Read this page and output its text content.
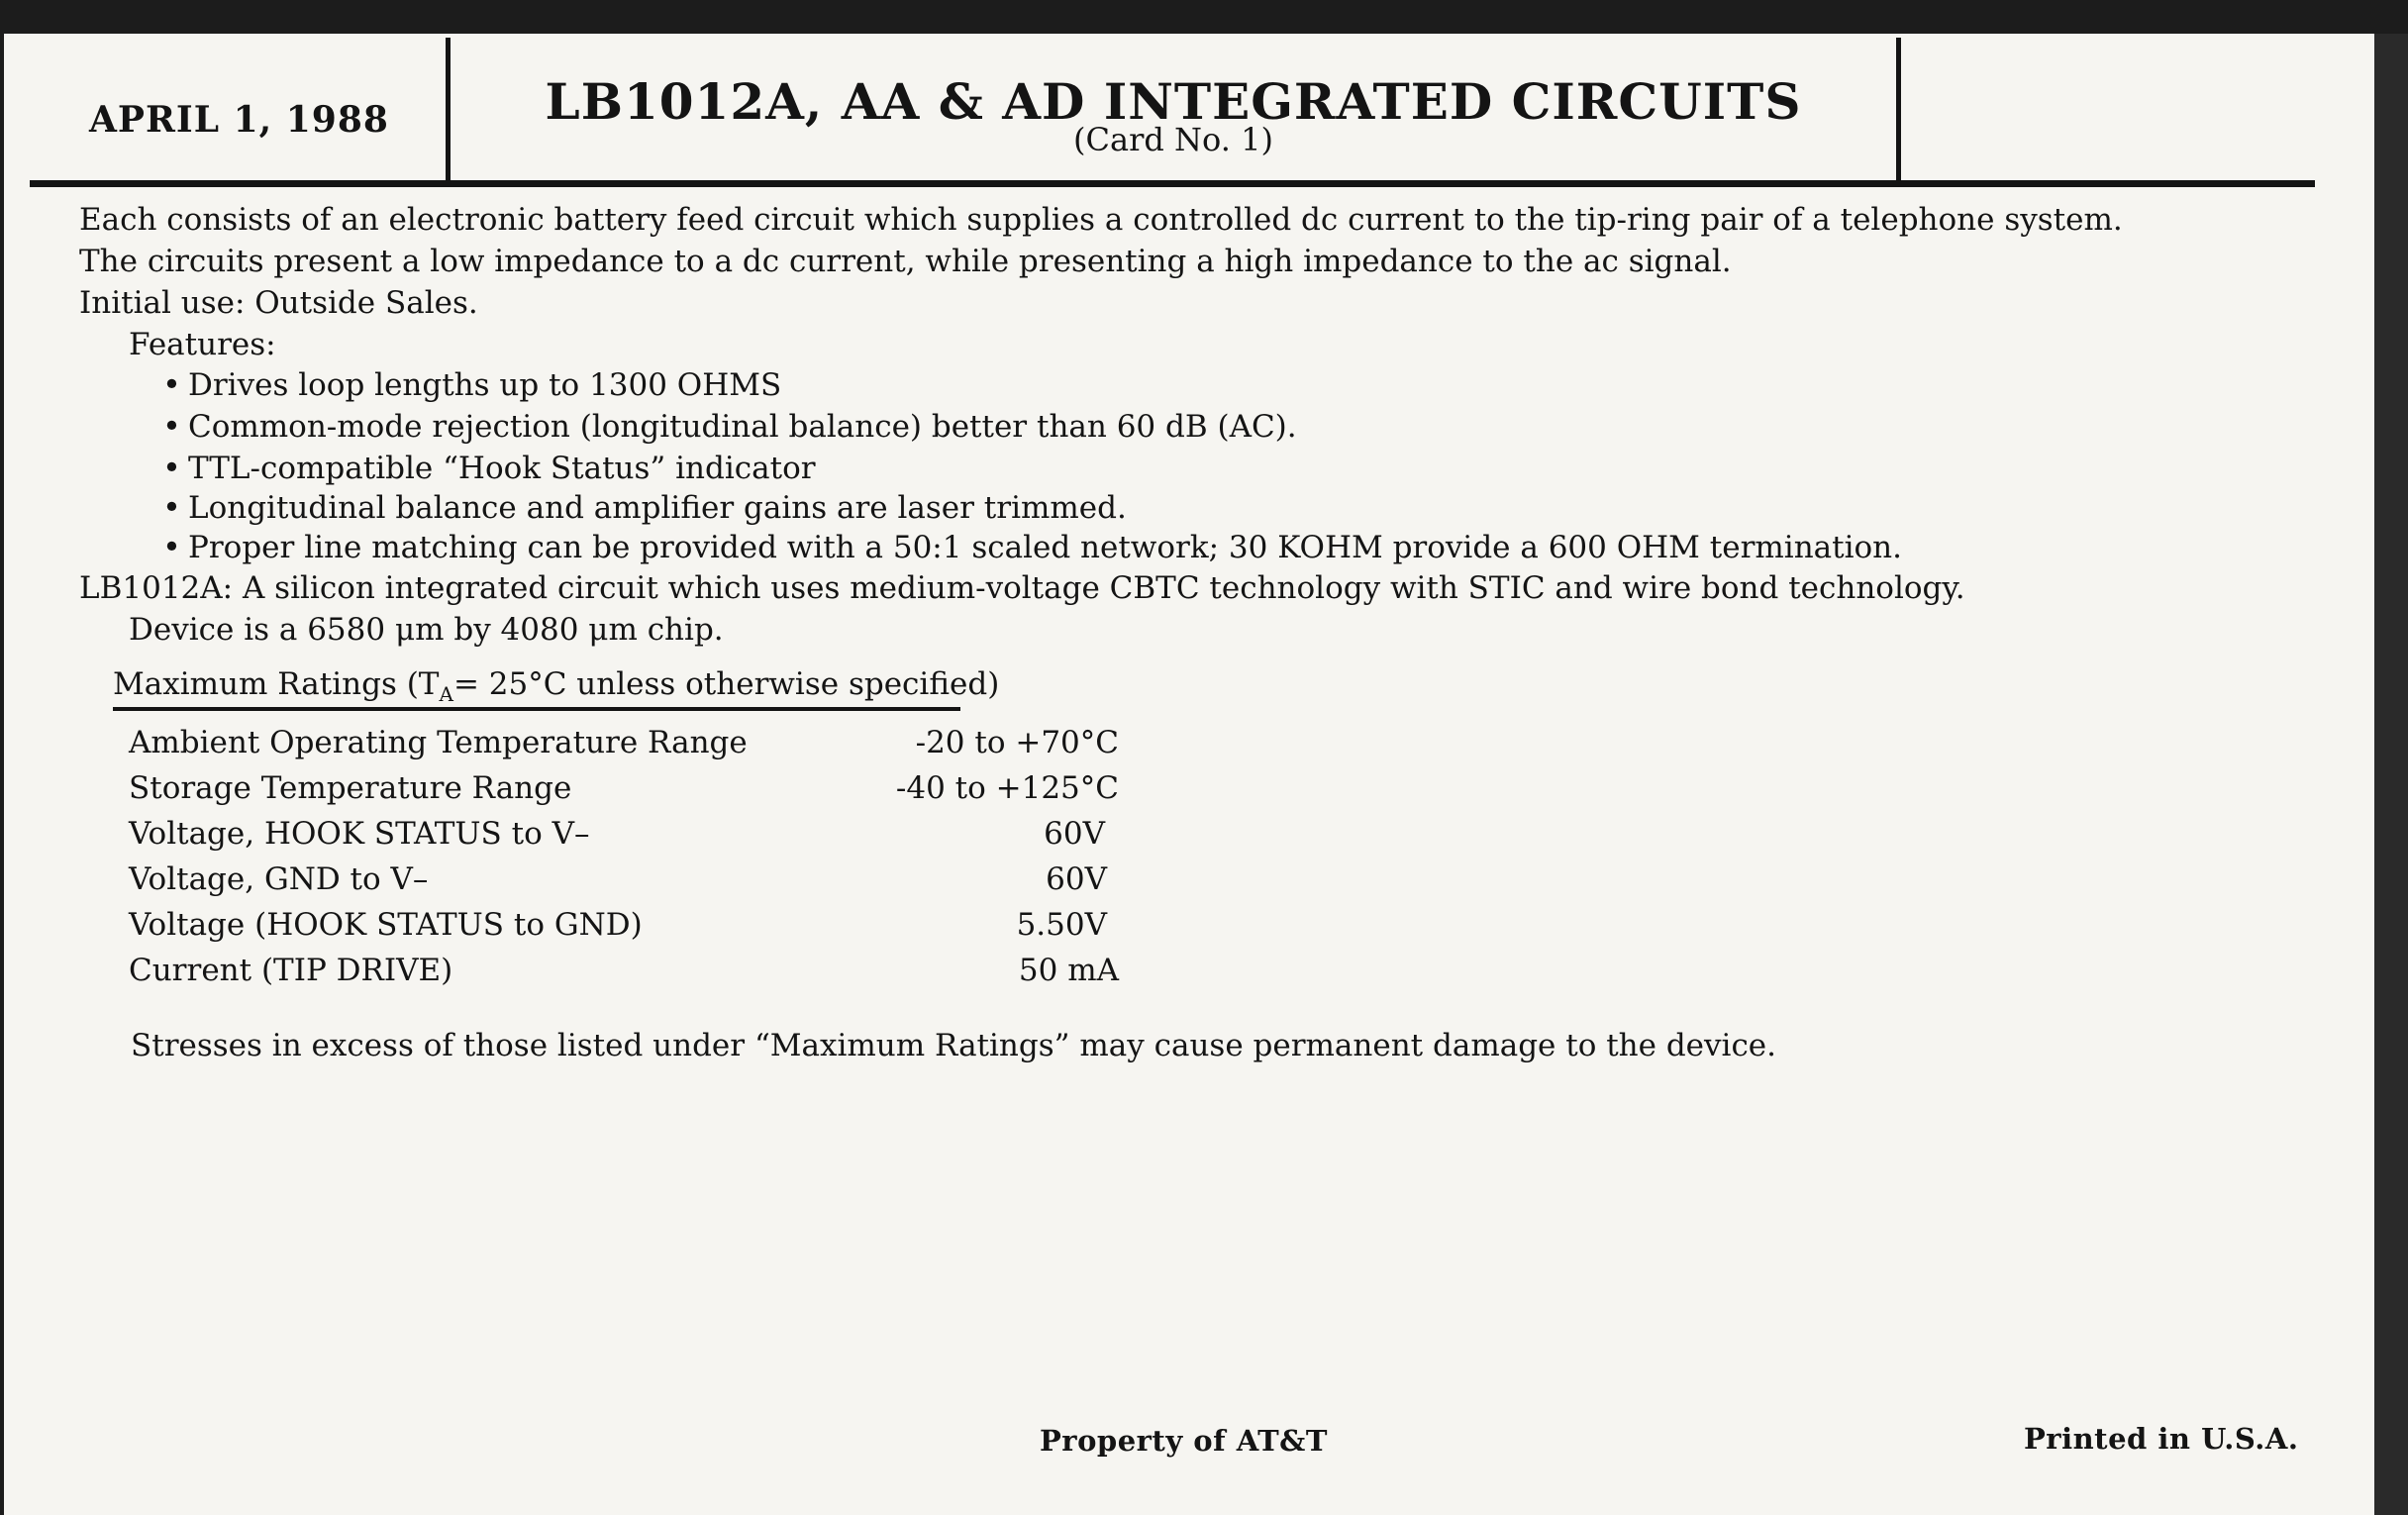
APRIL 1, 1988	LB1012A, AA & AD INTEGRATED CIRCUITS
(Card No. 1)
Each consists of an electronic battery feed circuit which supplies a controlled dc current to the tip-ring pair of a telephone system.
The circuits present a low impedance to a dc current, while presenting a high impedance to the ac signal.
Initial use: Outside Sales.
Features:
• Drives loop lengths up to 1300 OHMS
• Common-mode rejection (longitudinal balance) better than 60 dB (AC).
• TTL-compatible “Hook Status” indicator
• Longitudinal balance and amplifier gains are laser trimmed.
• Proper line matching can be provided with a 50:1 scaled network; 30 KOHM provide a 600 OHM termination.
LB1012A: A silicon integrated circuit which uses medium-voltage CBTC technology with STIC and wire bond technology.
Device is a 6580 μm by 4080 μm chip.
Maximum Ratings ($T_A= 25^\circ C$ unless otherwise specified)
Ambient Operating Temperature Range	-20 to +70°C
Storage Temperature Range	-40 to +125°C
Voltage, HOOK STATUS to V–	60V
Voltage, GND to V–	60V
Voltage (HOOK STATUS to GND)	5.50V
Current (TIP DRIVE)	50 mA
Stresses in excess of those listed under “Maximum Ratings” may cause permanent damage to the device.
Property of AT&T	Printed in U.S.A.
